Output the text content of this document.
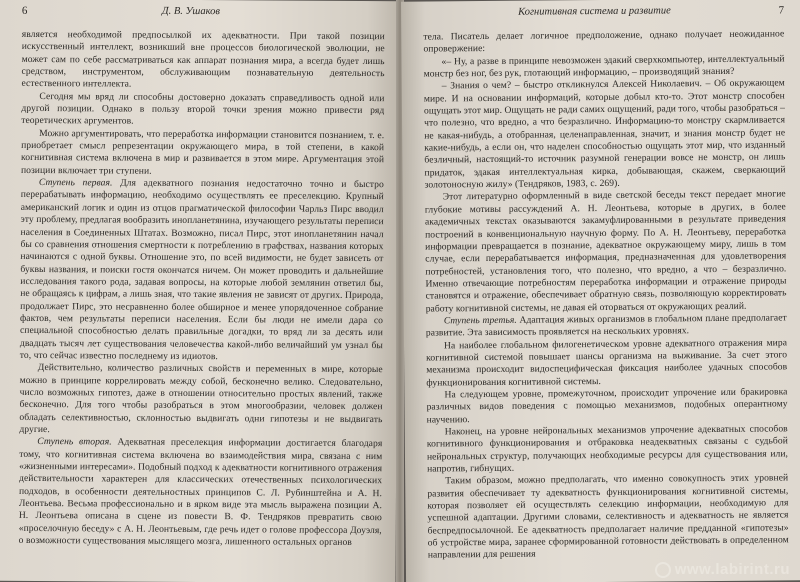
6	Д. В. Ушаков

является необходимой предпосылкой их адекватности. При такой позиции искусственный интеллект, возникший вне процессов биологической эволюции, не может сам по себе рассматриваться как аппарат познания мира, а всегда будет лишь средством, инструментом, обслуживающим познавательную деятельность естественного интеллекта.

Сегодня мы вряд ли способны достоверно доказать справедливость одной или другой позиции. Однако в пользу второй точки зрения можно привести ряд теоретических аргументов.

Можно аргументировать, что переработка информации становится познанием, т. е. приобретает смысл репрезентации окружающего мира, в той степени, в какой когнитивная система включена в мир и развивается в этом мире. Аргументация этой позиции включает три ступени.

Ступень первая. Для адекватного познания недостаточно точно и быстро перерабатывать информацию, необходимо осуществлять ее преселекцию. Крупный американский логик и один из отцов прагматической философии Чарльз Пирс вводил эту проблему, предлагая вообразить инопланетянина, изучающего результаты переписи населения в Соединенных Штатах. Возможно, писал Пирс, этот инопланетянин начал бы со сравнения отношения смертности к потреблению в графствах, названия которых начинаются с одной буквы. Отношение это, по всей видимости, не будет зависеть от буквы названия, и поиски гостя окончатся ничем. Он может проводить и дальнейшие исследования такого рода, задавая вопросы, на которые любой землянин ответил бы, не обращаясь к цифрам, а лишь зная, что такие явления не зависят от других. Природа, продолжает Пирс, это несравненно более обширное и менее упорядоченное собрание фактов, чем результаты переписи населения. Если бы люди не имели дара со специальной способностью делать правильные догадки, то вряд ли за десять или двадцать тысяч лет существования человечества какой-либо величайший ум узнал бы то, что сейчас известно последнему из идиотов.

Действительно, количество различных свойств и переменных в мире, которые можно в принципе коррелировать между собой, бесконечно велико. Следовательно, число возможных гипотез, даже в отношении относительно простых явлений, также бесконечно. Для того чтобы разобраться в этом многообразии, человек должен обладать селективностью, склонностью выдвигать одни гипотезы и не выдвигать другие.

Ступень вторая. Адекватная преселекция информации достигается благодаря тому, что когнитивная система включена во взаимодействия мира, связана с ним «жизненными интересами». Подобный подход к адекватности когнитивного отражения действительности характерен для классических отечественных психологических подходов, в особенности деятельностных принципов С. Л. Рубинштейна и А. Н. Леонтьева. Весьма профессионально и в ярком виде эта мысль выражена позиции А. Н. Леонтьева описана в сцене из повести В. Ф. Тендряков превратить свою «проселочную беседу» с А. Н. Леонтьевым, где речь идет о голове профессора Доуэля, о возможности существования мыслящего мозга, лишенного остальных органов

Когнитивная система и развитие	7

тела. Писатель делает логичное предположение, однако получает неожиданное опровержение:

«– Ну, а разве в принципе невозможен эдакий сверхкомпьютер, интеллектуальный монстр без ног, без рук, глотающий информацию, – производящий знания?

– Знания о чем? – быстро откликнулся Алексей Николаевич. – Об окружающем мире. И на основании информаций, которые добыл кто-то. Этот монстр способен ощущать этот мир. Ощущать не ради самих ощущений, ради того, чтобы разобраться – что полезно, что вредно, а что безразлично. Информацию-то монстру скармливается не какая-нибудь, а отобранная, целенаправленная, значит, и знания монстр будет не какие-нибудь, а если он, что наделен способностью ощущать этот мир, что изданный безличный, настоящий-то источник разумной генерации вовсе не монстр, он лишь придаток, эдакая интеллектуальная кирка, добывающая, скажем, сверкающий золотоносную жилу» (Тендряков, 1983, с. 269).

Этот литературно оформленный в виде светской беседы текст передает многие глубокие мотивы рассуждений А. Н. Леонтьева, которые в других, в более академичных текстах оказываются закамуфлированными в результате приведения построений в конвенциональную научную форму. По А. Н. Леонтьеву, переработка информации превращается в познание, адекватное окружающему миру, лишь в том случае, если перерабатывается информация, предназначенная для удовлетворения потребностей, установления того, что полезно, что вредно, а что – безразлично. Именно отвечающие потребностям переработка информации и отражение природы становятся и отражение, обеспечивает обратную связь, позволяющую корректировать работу когнитивной системы, не давая ей оторваться от окружающих реалий.

Ступень третья. Адаптация живых организмов в глобальном плане предполагает развитие. Эта зависимость проявляется на нескольких уровнях.

На наиболее глобальном филогенетическом уровне адекватного отражения мира когнитивной системой повышает шансы организма на выживание. За счет этого механизма происходит видоспецифическая фиксация наиболее удачных способов функционирования когнитивной системы.

На следующем уровне, промежуточном, происходит упрочение или бракировка различных видов поведения с помощью механизмов, подобных оперантному научению.

Наконец, на уровне нейрональных механизмов упрочение адекватных способов когнитивного функционирования и отбраковка неадекватных связаны с судьбой нейрональных структур, получающих необходимые ресурсы для существования или, напротив, гибнущих.

Таким образом, можно предполагать, что именно совокупность этих уровней развития обеспечивает ту адекватность функционирования когнитивной системы, которая позволяет ей осуществлять селекцию информации, необходимую для успешной адаптации. Другими словами, селективность и адекватность не является беспредпосылочной. Ее адекватность предполагает наличие предданной «гипотезы» об устройстве мира, заранее сформированной готовности действовать в определенном направлении для решения

www.labirint.ru
